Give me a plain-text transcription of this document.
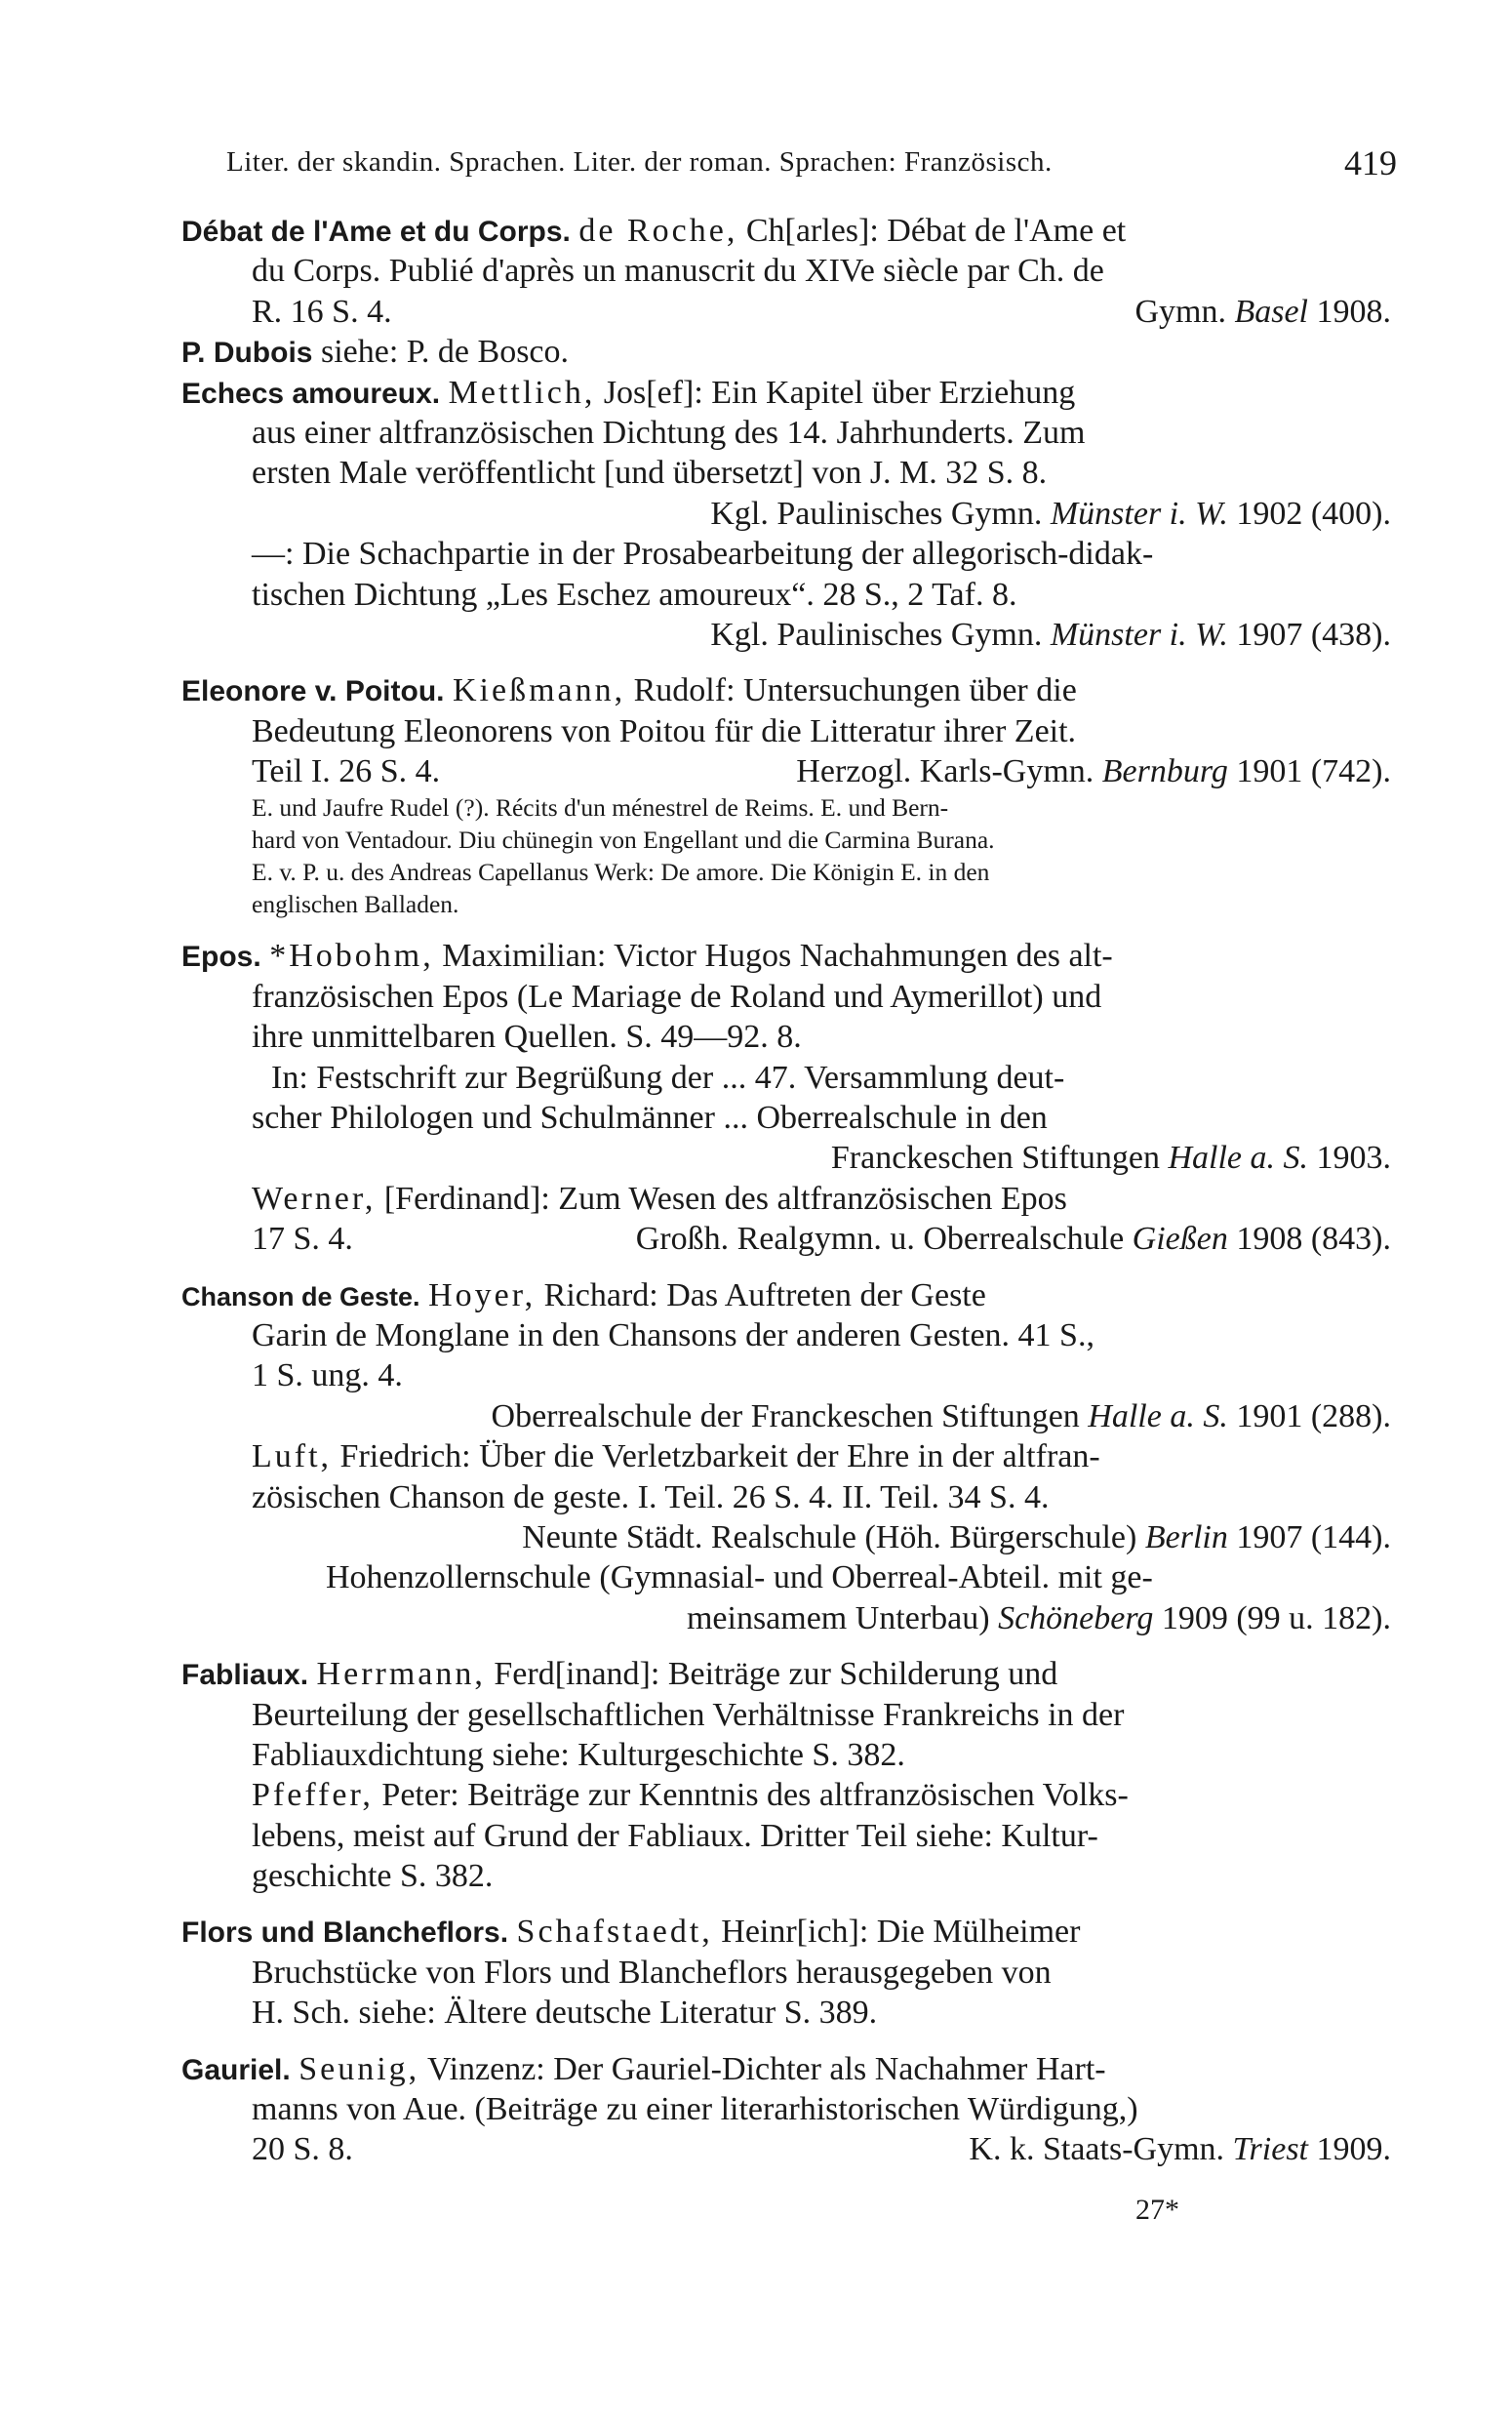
Liter. der skandin. Sprachen. Liter. der roman. Sprachen: Französisch.	419
Débat de l'Ame et du Corps. de Roche, Ch[arles]: Débat de l'Ame et
du Corps. Publié d'après un manuscrit du XIVe siècle par Ch. de
R. 16 S. 4.	Gymn. Basel 1908.
P. Dubois siehe: P. de Bosco.
Echecs amoureux. Mettlich, Jos[ef]: Ein Kapitel über Erziehung
aus einer altfranzösischen Dichtung des 14. Jahrhunderts. Zum
ersten Male veröffentlicht [und übersetzt] von J. M. 32 S. 8.
Kgl. Paulinisches Gymn. Münster i. W. 1902 (400).
—: Die Schachpartie in der Prosabearbeitung der allegorisch-didak-
tischen Dichtung „Les Eschez amoureux“. 28 S., 2 Taf. 8.
Kgl. Paulinisches Gymn. Münster i. W. 1907 (438).
Eleonore v. Poitou. Kießmann, Rudolf: Untersuchungen über die
Bedeutung Eleonorens von Poitou für die Litteratur ihrer Zeit.
Teil I. 26 S. 4.	Herzogl. Karls-Gymn. Bernburg 1901 (742).
E. und Jaufre Rudel (?). Récits d'un ménestrel de Reims. E. und Bern-
hard von Ventadour. Diu chünegin von Engellant und die Carmina Burana.
E. v. P. u. des Andreas Capellanus Werk: De amore. Die Königin E. in den
englischen Balladen.
Epos. *Hobohm, Maximilian: Victor Hugos Nachahmungen des alt-
französischen Epos (Le Mariage de Roland und Aymerillot) und
ihre unmittelbaren Quellen. S. 49—92. 8.
In: Festschrift zur Begrüßung der ... 47. Versammlung deut-
scher Philologen und Schulmänner ... Oberrealschule in den
Franckeschen Stiftungen Halle a. S. 1903.
Werner, [Ferdinand]: Zum Wesen des altfranzösischen Epos
17 S. 4.	Großh. Realgymn. u. Oberrealschule Gießen 1908 (843).
Chanson de Geste. Hoyer, Richard: Das Auftreten der Geste
Garin de Monglane in den Chansons der anderen Gesten. 41 S.,
1 S. ung. 4.
Oberrealschule der Franckeschen Stiftungen Halle a. S. 1901 (288).
Luft, Friedrich: Über die Verletzbarkeit der Ehre in der altfran-
zösischen Chanson de geste. I. Teil. 26 S. 4. II. Teil. 34 S. 4.
Neunte Städt. Realschule (Höh. Bürgerschule) Berlin 1907 (144).
Hohenzollernschule (Gymnasial- und Oberreal-Abteil. mit ge-
meinsamem Unterbau) Schöneberg 1909 (99 u. 182).
Fabliaux. Herrmann, Ferd[inand]: Beiträge zur Schilderung und
Beurteilung der gesellschaftlichen Verhältnisse Frankreichs in der
Fabliauxdichtung siehe: Kulturgeschichte S. 382.
Pfeffer, Peter: Beiträge zur Kenntnis des altfranzösischen Volks-
lebens, meist auf Grund der Fabliaux. Dritter Teil siehe: Kultur-
geschichte S. 382.
Flors und Blancheflors. Schafstaedt, Heinr[ich]: Die Mülheimer
Bruchstücke von Flors und Blancheflors herausgegeben von
H. Sch. siehe: Ältere deutsche Literatur S. 389.
Gauriel. Seunig, Vinzenz: Der Gauriel-Dichter als Nachahmer Hart-
manns von Aue. (Beiträge zu einer literarhistorischen Würdigung,)
20 S. 8.	K. k. Staats-Gymn. Triest 1909.
27*
